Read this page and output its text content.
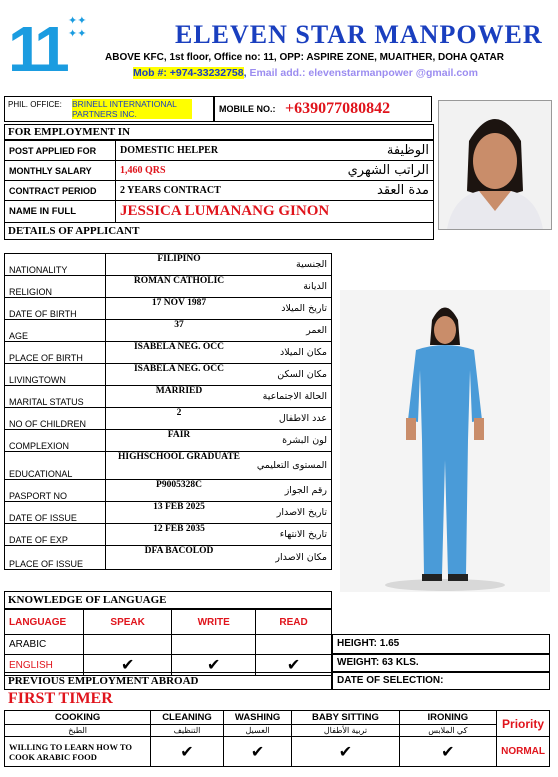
11 ✦✦
✦✦	ELEVEN STAR MANPOWER
ABOVE KFC, 1st floor, Office no: 11, OPP: ASPIRE ZONE, MUAITHER, DOHA QATAR
Mob #: +974-33232758, Email add.: elevenstarmanpower @gmail.com
PHIL. OFFICE: BRINELL INTERNATIONAL PARTNERS INC.	MOBILE NO.: +639077080842
FOR EMPLOYMENT IN
POST APPLIED FOR	DOMESTIC HELPER	الوظيفة
MONTHLY SALARY	1,460 QRS	الراتب الشهري
CONTRACT PERIOD	2 YEARS CONTRACT	مدة العقد
NAME IN FULL	JESSICA LUMANANG GINON	
DETAILS OF APPLICANT
NATIONALITY	FILIPINO	الجنسية
RELIGION	ROMAN CATHOLIC	الديانة
DATE OF BIRTH	17 NOV 1987	تاريخ الميلاد
AGE	37	العمر
PLACE OF BIRTH	ISABELA NEG. OCC	مكان الميلاد
LIVINGTOWN	ISABELA NEG. OCC	مكان السكن
MARITAL STATUS	MARRIED	الحالة الاجتماعية
NO OF CHILDREN	2	عدد الاطفال
COMPLEXION	FAIR	لون البشرة
EDUCATIONAL	HIGHSCHOOL GRADUATE	المستوى التعليمي
PASPORT NO	P9005328C	رقم الجواز
DATE OF ISSUE	13 FEB 2025	تاريخ الاصدار
DATE OF EXP	12 FEB 2035	تاريخ الانتهاء
PLACE OF ISSUE	DFA BACOLOD	مكان الاصدار
KNOWLEDGE OF LANGUAGE
LANGUAGE	SPEAK	WRITE	READ
ARABIC			
ENGLISH	✔	✔	✔
HEIGHT: 1.65
WEIGHT: 63 KLS.
DATE OF SELECTION:
PREVIOUS EMPLOYMENT ABROAD
FIRST TIMER
COOKING	CLEANING	WASHING	BABY SITTING	IRONING	Priority
الطبخ	التنظيف	الغسيل	تربية الأطفال	كي الملابس	
WILLING TO LEARN HOW TO COOK ARABIC FOOD	✔	✔	✔	✔	NORMAL
